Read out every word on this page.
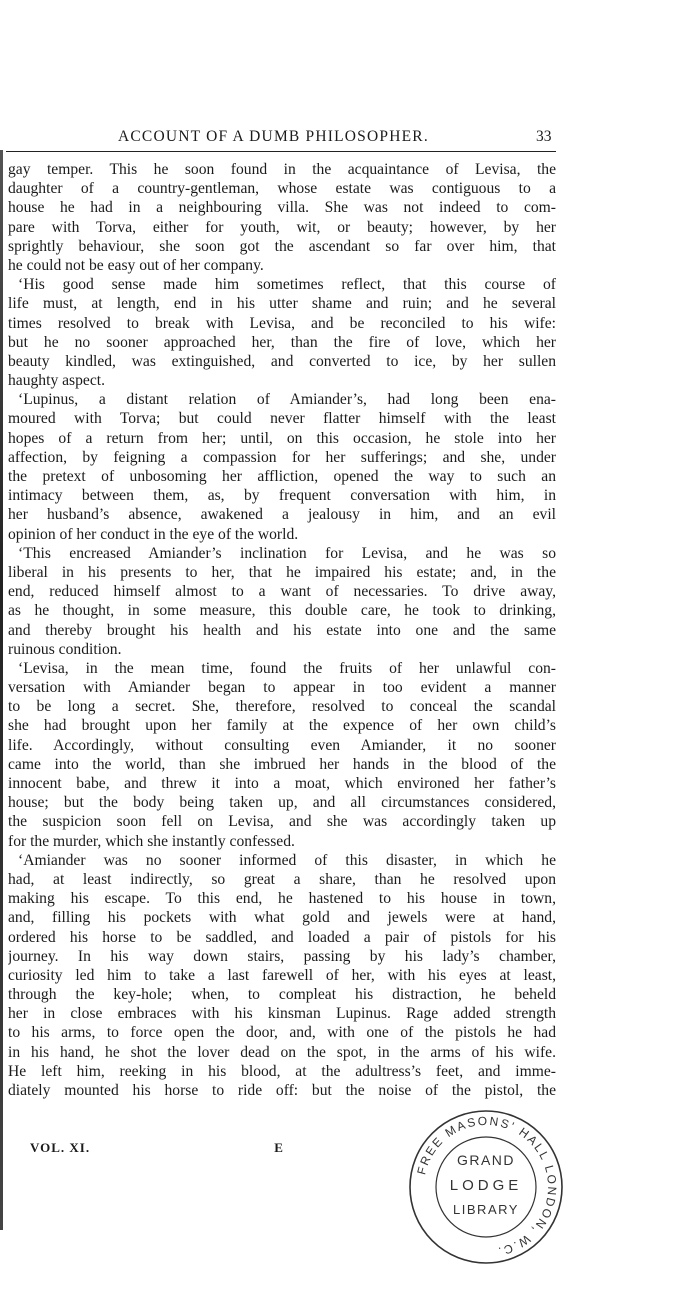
ACCOUNT OF A DUMB PHILOSOPHER.	33
gay temper. This he soon found in the acquaintance of Levisa, the
daughter of a country-gentleman, whose estate was contiguous to a
house he had in a neighbouring villa. She was not indeed to com-
pare with Torva, either for youth, wit, or beauty; however, by her
sprightly behaviour, she soon got the ascendant so far over him, that
he could not be easy out of her company.
‘His good sense made him sometimes reflect, that this course of
life must, at length, end in his utter shame and ruin; and he several
times resolved to break with Levisa, and be reconciled to his wife:
but he no sooner approached her, than the fire of love, which her
beauty kindled, was extinguished, and converted to ice, by her sullen
haughty aspect.
‘Lupinus, a distant relation of Amiander’s, had long been ena-
moured with Torva; but could never flatter himself with the least
hopes of a return from her; until, on this occasion, he stole into her
affection, by feigning a compassion for her sufferings; and she, under
the pretext of unbosoming her affliction, opened the way to such an
intimacy between them, as, by frequent conversation with him, in
her husband’s absence, awakened a jealousy in him, and an evil
opinion of her conduct in the eye of the world.
‘This encreased Amiander’s inclination for Levisa, and he was so
liberal in his presents to her, that he impaired his estate; and, in the
end, reduced himself almost to a want of necessaries. To drive away,
as he thought, in some measure, this double care, he took to drinking,
and thereby brought his health and his estate into one and the same
ruinous condition.
‘Levisa, in the mean time, found the fruits of her unlawful con-
versation with Amiander began to appear in too evident a manner
to be long a secret. She, therefore, resolved to conceal the scandal
she had brought upon her family at the expence of her own child’s
life. Accordingly, without consulting even Amiander, it no sooner
came into the world, than she imbrued her hands in the blood of the
innocent babe, and threw it into a moat, which environed her father’s
house; but the body being taken up, and all circumstances considered,
the suspicion soon fell on Levisa, and she was accordingly taken up
for the murder, which she instantly confessed.
‘Amiander was no sooner informed of this disaster, in which he
had, at least indirectly, so great a share, than he resolved upon
making his escape. To this end, he hastened to his house in town,
and, filling his pockets with what gold and jewels were at hand,
ordered his horse to be saddled, and loaded a pair of pistols for his
journey. In his way down stairs, passing by his lady’s chamber,
curiosity led him to take a last farewell of her, with his eyes at least,
through the key-hole; when, to compleat his distraction, he beheld
her in close embraces with his kinsman Lupinus. Rage added strength
to his arms, to force open the door, and, with one of the pistols he had
in his hand, he shot the lover dead on the spot, in the arms of his wife.
He left him, reeking in his blood, at the adultress’s feet, and imme-
diately mounted his horse to ride off: but the noise of the pistol, the
VOL. XI.	E
FREE MASONS' HALL LONDON, W.C.
GRAND
LODGE
LIBRARY
